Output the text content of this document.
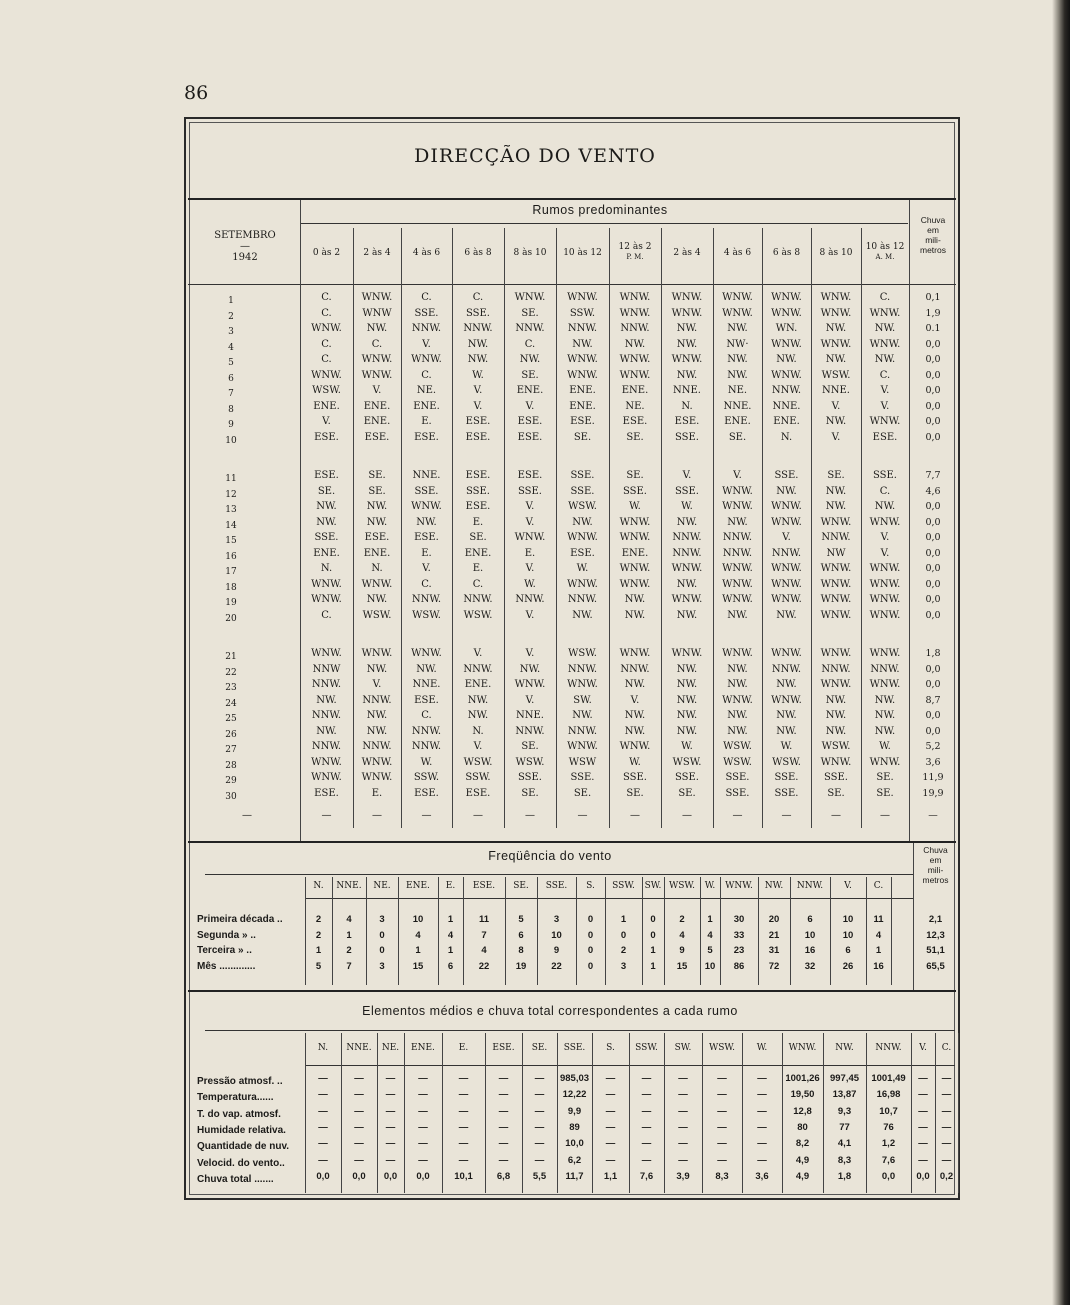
86
DIRECÇÃO DO VENTO
SETEMBRO
—
1942
Rumos predominantes
Chuva
em
mili-
metros
0 às 2	2 às 4	4 às 6	6 às 8	8 às 10	10 às 12
12 às 2
P. M.	2 às 4	4 às 6	6 às 8	8 às 10
10 às 12
A. M.
1	C.	WNW.	C.	C.	WNW.	WNW.	WNW.	WNW.	WNW.	WNW.	WNW.	C.	0,1
2	C.	WNW	SSE.	SSE.	SE.	SSW.	WNW.	WNW.	WNW.	WNW.	WNW.	WNW.	1,9
3	WNW.	NW.	NNW.	NNW.	NNW.	NNW.	NNW.	NW.	NW.	WN.	NW.	NW.	0.1
4	C.	C.	V.	NW.	C.	NW.	NW.	NW.	NW·	WNW.	WNW.	WNW.	0,0
5	C.	WNW.	WNW.	NW.	NW.	WNW.	WNW.	WNW.	NW.	NW.	NW.	NW.	0,0
6	WNW.	WNW.	C.	W.	SE.	WNW.	WNW.	NW.	NW.	WNW.	WSW.	C.	0,0
7	WSW.	V.	NE.	V.	ENE.	ENE.	ENE.	NNE.	NE.	NNW.	NNE.	V.	0,0
8	ENE.	ENE.	ENE.	V.	V.	ENE.	NE.	N.	NNE.	NNE.	V.	V.	0,0
9	V.	ENE.	E.	ESE.	ESE.	ESE.	ESE.	ESE.	ENE.	ENE.	NW.	WNW.	0,0
10	ESE.	ESE.	ESE.	ESE.	ESE.	SE.	SE.	SSE.	SE.	N.	V.	ESE.	0,0
11	ESE.	SE.	NNE.	ESE.	ESE.	SSE.	SE.	V.	V.	SSE.	SE.	SSE.	7,7
12	SE.	SE.	SSE.	SSE.	SSE.	SSE.	SSE.	SSE.	WNW.	NW.	NW.	C.	4,6
13	NW.	NW.	WNW.	ESE.	V.	WSW.	W.	W.	WNW.	WNW.	NW.	NW.	0,0
14	NW.	NW.	NW.	E.	V.	NW.	WNW.	NW.	NW.	WNW.	WNW.	WNW.	0,0
15	SSE.	ESE.	ESE.	SE.	WNW.	WNW.	WNW.	NNW.	NNW.	V.	NNW.	V.	0,0
16	ENE.	ENE.	E.	ENE.	E.	ESE.	ENE.	NNW.	NNW.	NNW.	NW	V.	0,0
17	N.	N.	V.	E.	V.	W.	WNW.	WNW.	WNW.	WNW.	WNW.	WNW.	0,0
18	WNW.	WNW.	C.	C.	W.	WNW.	WNW.	NW.	WNW.	WNW.	WNW.	WNW.	0,0
19	WNW.	NW.	NNW.	NNW.	NNW.	NNW.	NW.	WNW.	WNW.	WNW.	WNW.	WNW.	0,0
20	C.	WSW.	WSW.	WSW.	V.	NW.	NW.	NW.	NW.	NW.	WNW.	WNW.	0,0
21	WNW.	WNW.	WNW.	V.	V.	WSW.	WNW.	WNW.	WNW.	WNW.	WNW.	WNW.	1,8
22	NNW	NW.	NW.	NNW.	NW.	NNW.	NNW.	NW.	NW.	NNW.	NNW.	NNW.	0,0
23	NNW.	V.	NNE.	ENE.	WNW.	WNW.	NW.	NW.	NW.	NW.	WNW.	WNW.	0,0
24	NW.	NNW.	ESE.	NW.	V.	SW.	V.	NW.	WNW.	WNW.	NW.	NW.	8,7
25	NNW.	NW.	C.	NW.	NNE.	NW.	NW.	NW.	NW.	NW.	NW.	NW.	0,0
26	NW.	NW.	NNW.	N.	NNW.	NNW.	NW.	NW.	NW.	NW.	NW.	NW.	0,0
27	NNW.	NNW.	NNW.	V.	SE.	WNW.	WNW.	W.	WSW.	W.	WSW.	W.	5,2
28	WNW.	WNW.	W.	WSW.	WSW.	WSW	W.	WSW.	WSW.	WSW.	WNW.	WNW.	3,6
29	WNW.	WNW.	SSW.	SSW.	SSE.	SSE.	SSE.	SSE.	SSE.	SSE.	SSE.	SE.	11,9
30	ESE.	E.	ESE.	ESE.	SE.	SE.	SE.	SE.	SSE.	SSE.	SE.	SE.	19,9
—	—	—	—	—	—	—	—	—	—	—	—	—	—
Freqüência do vento	Chuva
em
mili-
metros
N.	NNE.	NE.	ENE.	E.	ESE.	SE.	SSE.	S.	SSW.	SW. WSW.	W.	WNW.	NW.	NNW.	V.	C.
Primeira década ..	2	4	3	10	1	11	5	3	0	1	0	2	1	30	20	6	10	11	2,1
Segunda » ..	2	1	0	4	4	7	6	10	0	0	0	4	4	33	21	10	10	4	12,3
Terceira » ..	1	2	0	1	1	4	8	9	0	2	1	9	5	23	31	16	6	1	51,1
Mês .............	5	7	3	15	6	22	19	22	0	3	1	15	10	86	72	32	26	16	65,5
Elementos médios e chuva total correspondentes a cada rumo
N.	NNE.	NE.	ENE.	E.	ESE.	SE.	SSE.	S.	SSW.	SW.	WSW.	W.	WNW.	NW.	NNW.	V.	C.
Pressão atmosf. ..	—	—	—	—	—	—	—	985,03	—	—	—	—	—	1001,26	997,45	1001,49	—	—
Temperatura......	—	—	—	—	—	—	—	12,22	—	—	—	—	—	19,50	13,87	16,98	—	—
T. do vap. atmosf.	—	—	—	—	—	—	—	9,9	—	—	—	—	—	12,8	9,3	10,7	—	—
Humidade relativa.	—	—	—	—	—	—	—	89	—	—	—	—	—	80	77	76	—	—
Quantidade de nuv.	—	—	—	—	—	—	—	10,0	—	—	—	—	—	8,2	4,1	1,2	—	—
Velocid. do vento..	—	—	—	—	—	—	—	6,2	—	—	—	—	—	4,9	8,3	7,6	—	—
Chuva total .......	0,0	0,0	0,0	0,0	10,1	6,8	5,5	11,7	1,1	7,6	3,9	8,3	3,6	4,9	1,8	0,0	0,0	0,2
